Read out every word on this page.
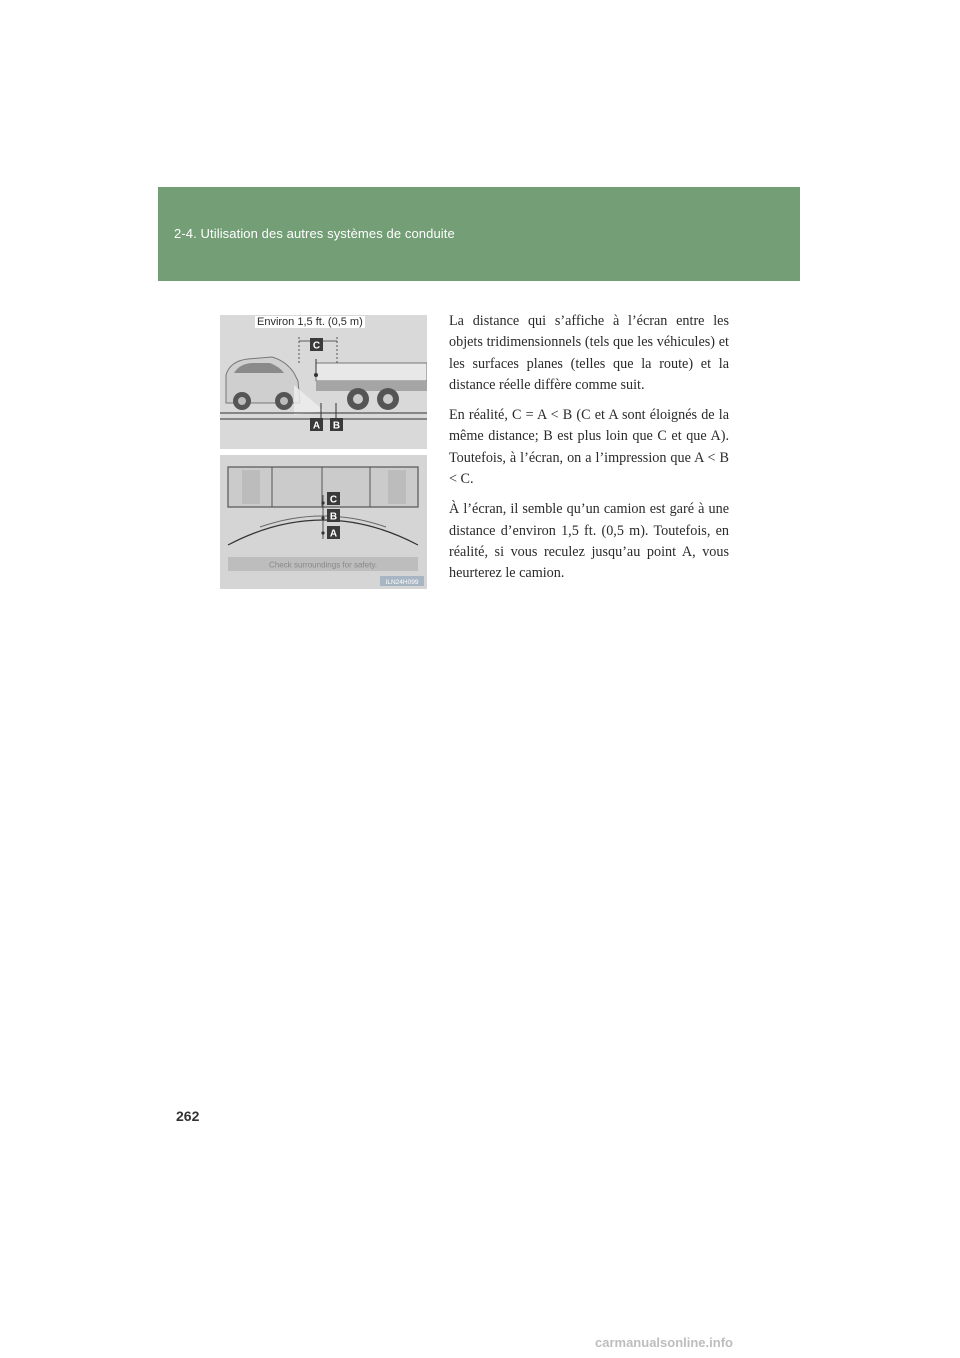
2-4. Utilisation des autres systèmes de conduite
C
A B
C
B
A
Check surroundings for safety.
ILN24H099
Environ 1,5 ft. (0,5 m)	La distance qui s’affiche à l’écran entre les objets tridimensionnels (tels que les véhicules) et les surfaces planes (telles que la route) et la distance réelle diffère comme suit.

En réalité, C = A < B (C et A sont éloignés de la même distance; B est plus loin que C et que A). Toutefois, à l’écran, on a l’impression que A < B < C.

À l’écran, il semble qu’un camion est garé à une distance d’environ 1,5 ft. (0,5 m). Toutefois, en réalité, si vous reculez jusqu’au point A, vous heurterez le camion.

262
carmanualsonline.info
